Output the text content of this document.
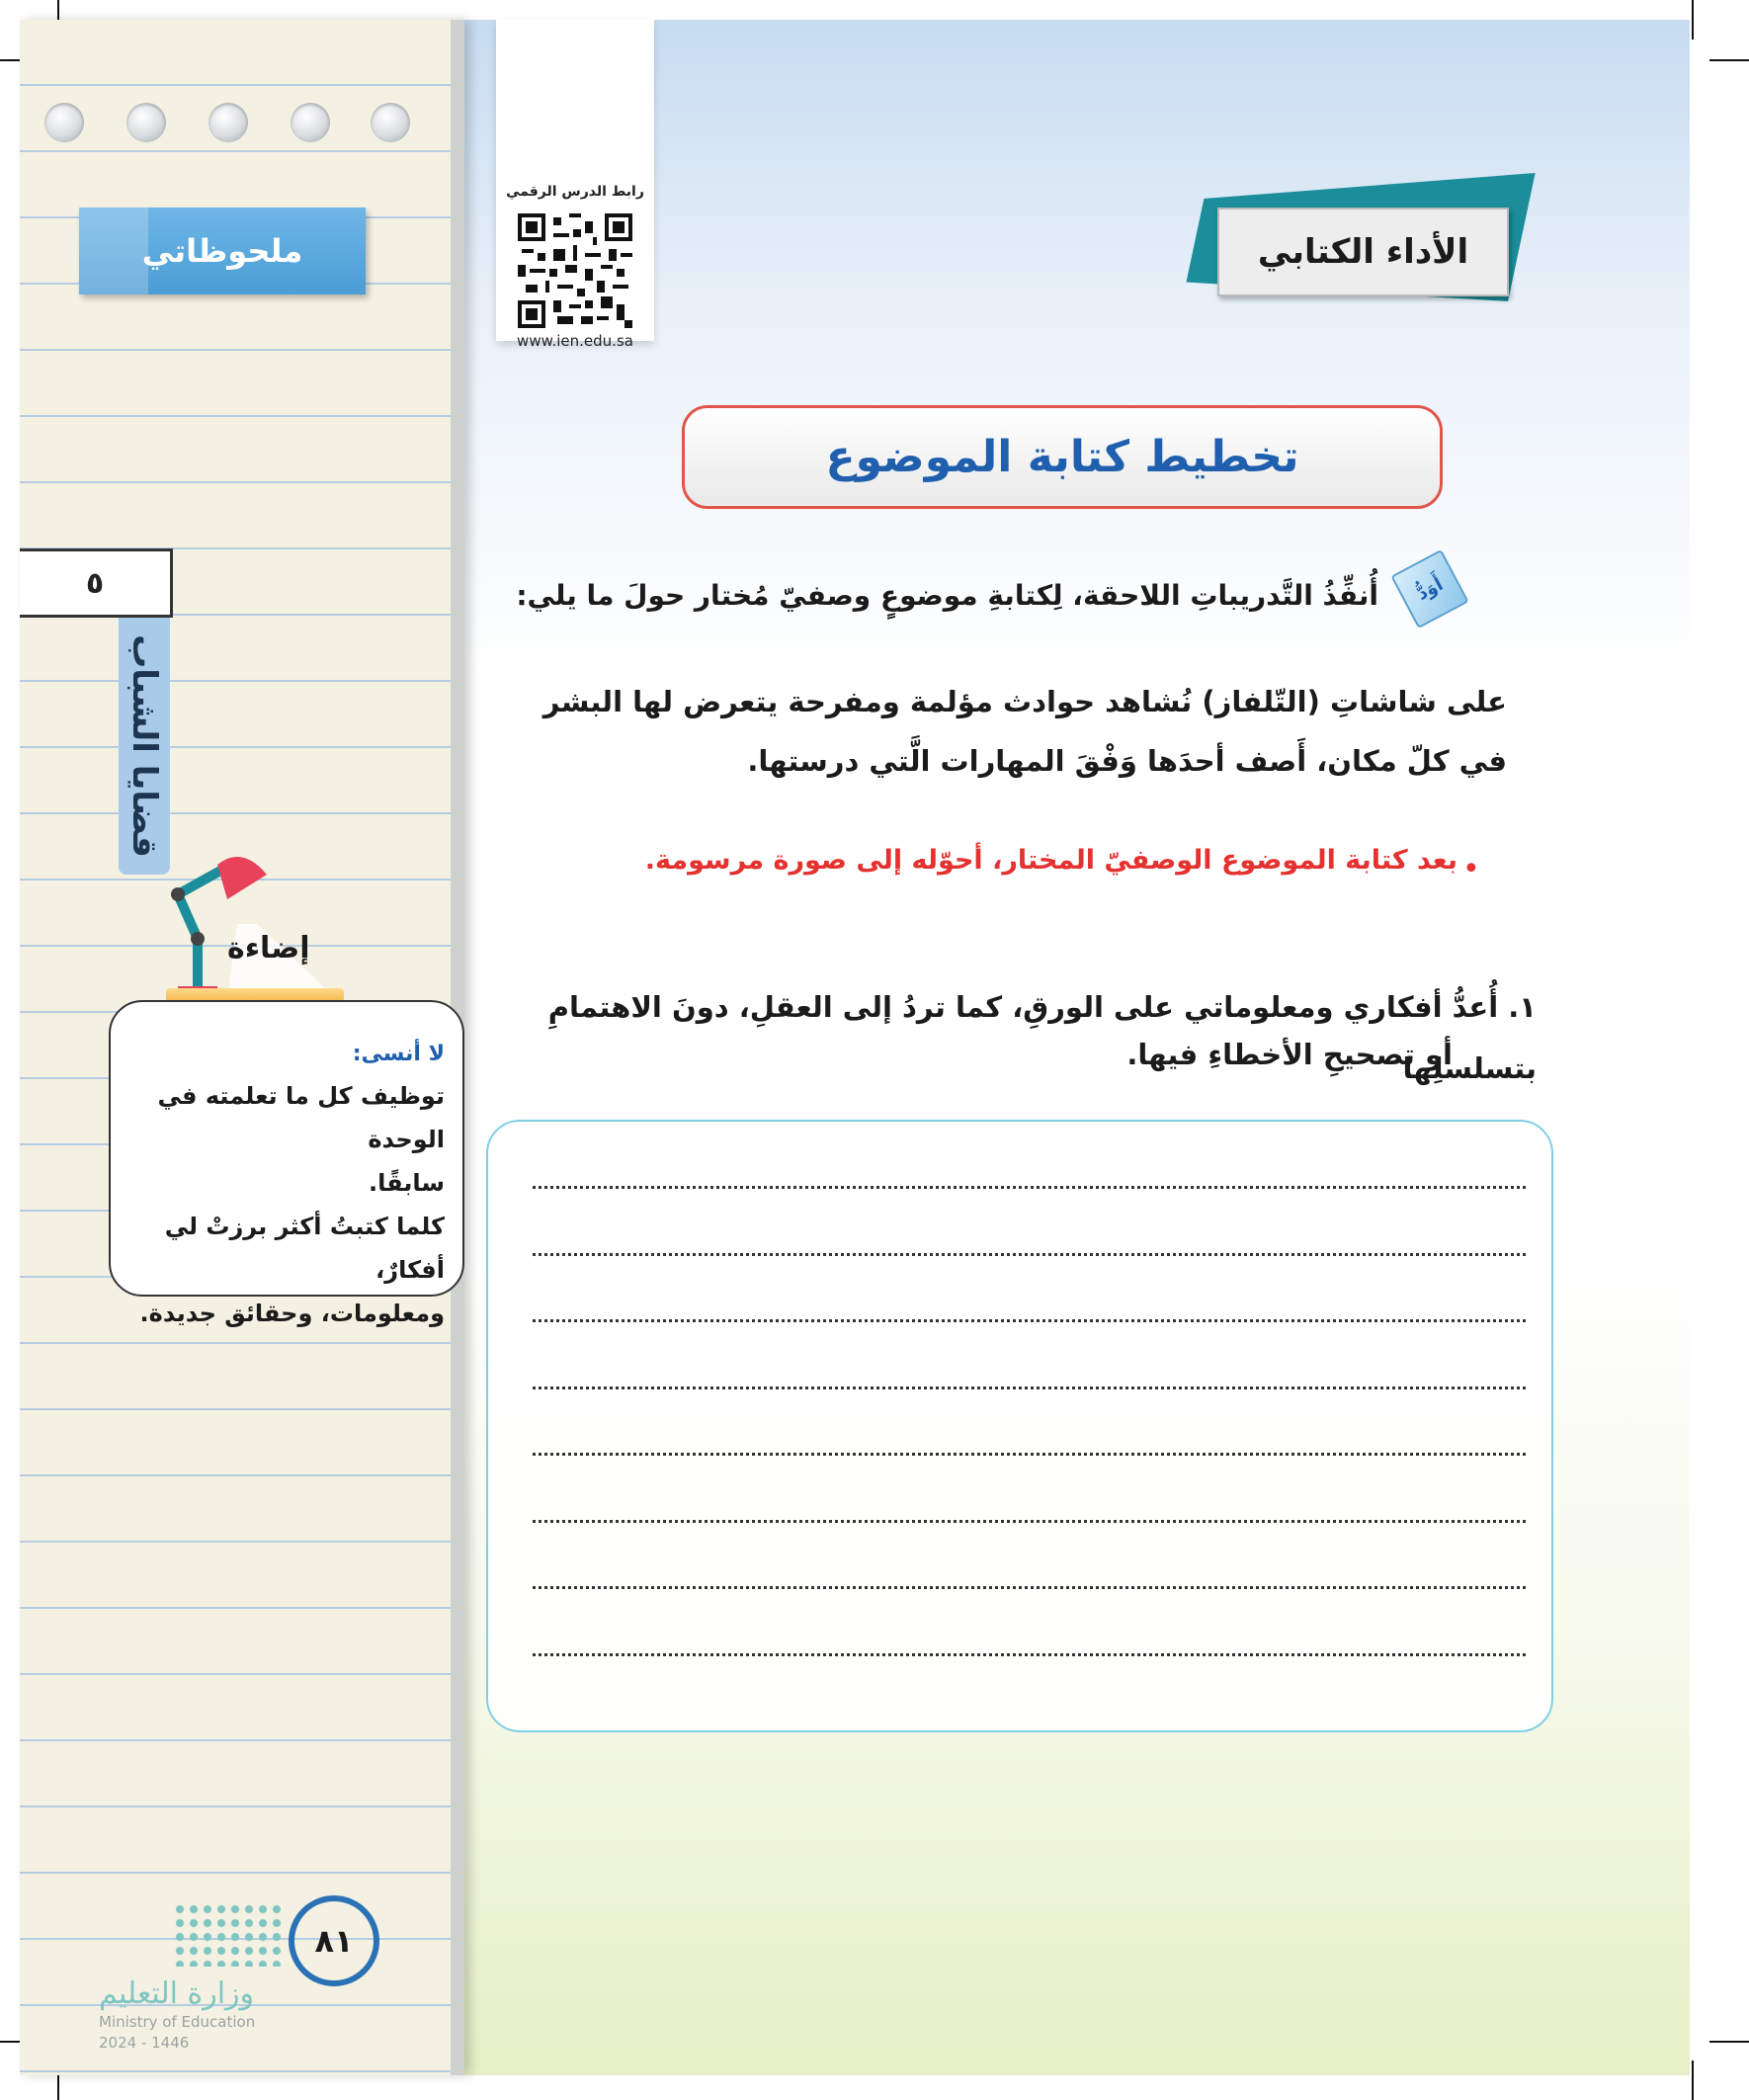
ملحوظاتي
٥
قضايا الشباب
إضاءة
لا أنسى:
توظيف كل ما تعلمته في الوحدة
سابقًا.
كلما كتبتُ أكثر برزتْ لي أفكارٌ،
ومعلومات، وحقائق جديدة.
٨١
وزارة التعليم
Ministry of Education
2024 - 1446
رابط الدرس الرقمي
www.ien.edu.sa
الأداء الكتابي
تخطيط كتابة الموضوع
أَوَدُّ
أُنفِّذُ التَّدريباتِ اللاحقة، لِكتابةِ موضوعٍ وصفيّ مُختار حولَ ما يلي:
على شاشاتِ (التّلفاز) نُشاهد حوادث مؤلمة ومفرحة يتعرض لها البشر في كلّ مكان، أَصف أحدَها وَفْقَ المهارات الَّتي درستها.
•
بعد كتابة الموضوع الوصفيّ المختار، أحوّله إلى صورة مرسومة.
١. أُعدُّ أفكاري ومعلوماتي على الورقِ، كما تردُ إلى العقلِ، دونَ الاهتمامِ بتسلسلِها
أو تصحيحِ الأخطاءِ فيها.
